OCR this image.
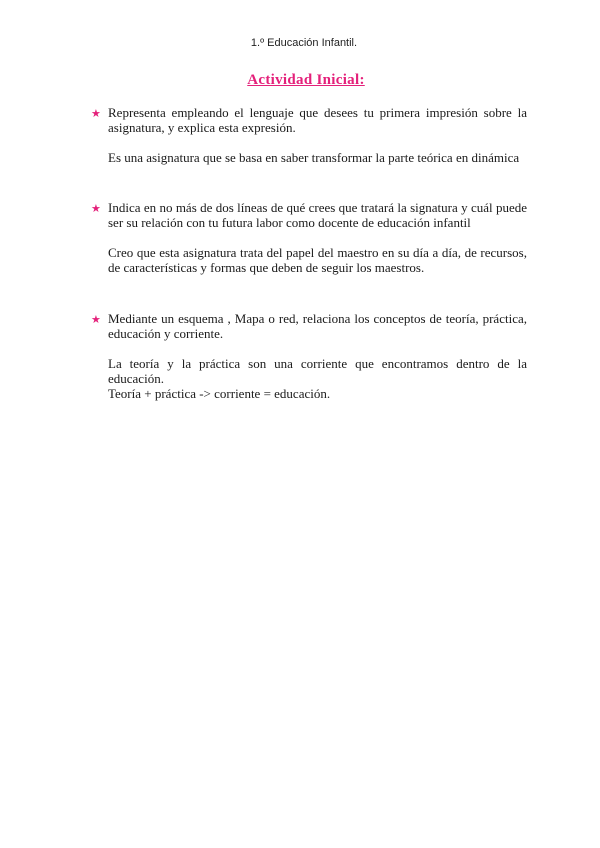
1.º Educación Infantil.
Actividad Inicial:
★ Representa empleando el lenguaje que desees tu primera impresión sobre la asignatura, y explica esta expresión.

Es una asignatura que se basa en saber transformar la parte teórica en dinámica

★ Indica en no más de dos líneas de qué crees que tratará la signatura y cuál puede ser su relación con tu futura labor como docente de educación infantil

Creo que esta asignatura trata del papel del maestro en su día a día, de recursos, de características y formas que deben de seguir los maestros.

★ Mediante un esquema , Mapa o red, relaciona los conceptos de teoría, práctica, educación y corriente.

La teoría y la práctica son una corriente que encontramos dentro de la educación.

Teoría + práctica -> corriente = educación.
